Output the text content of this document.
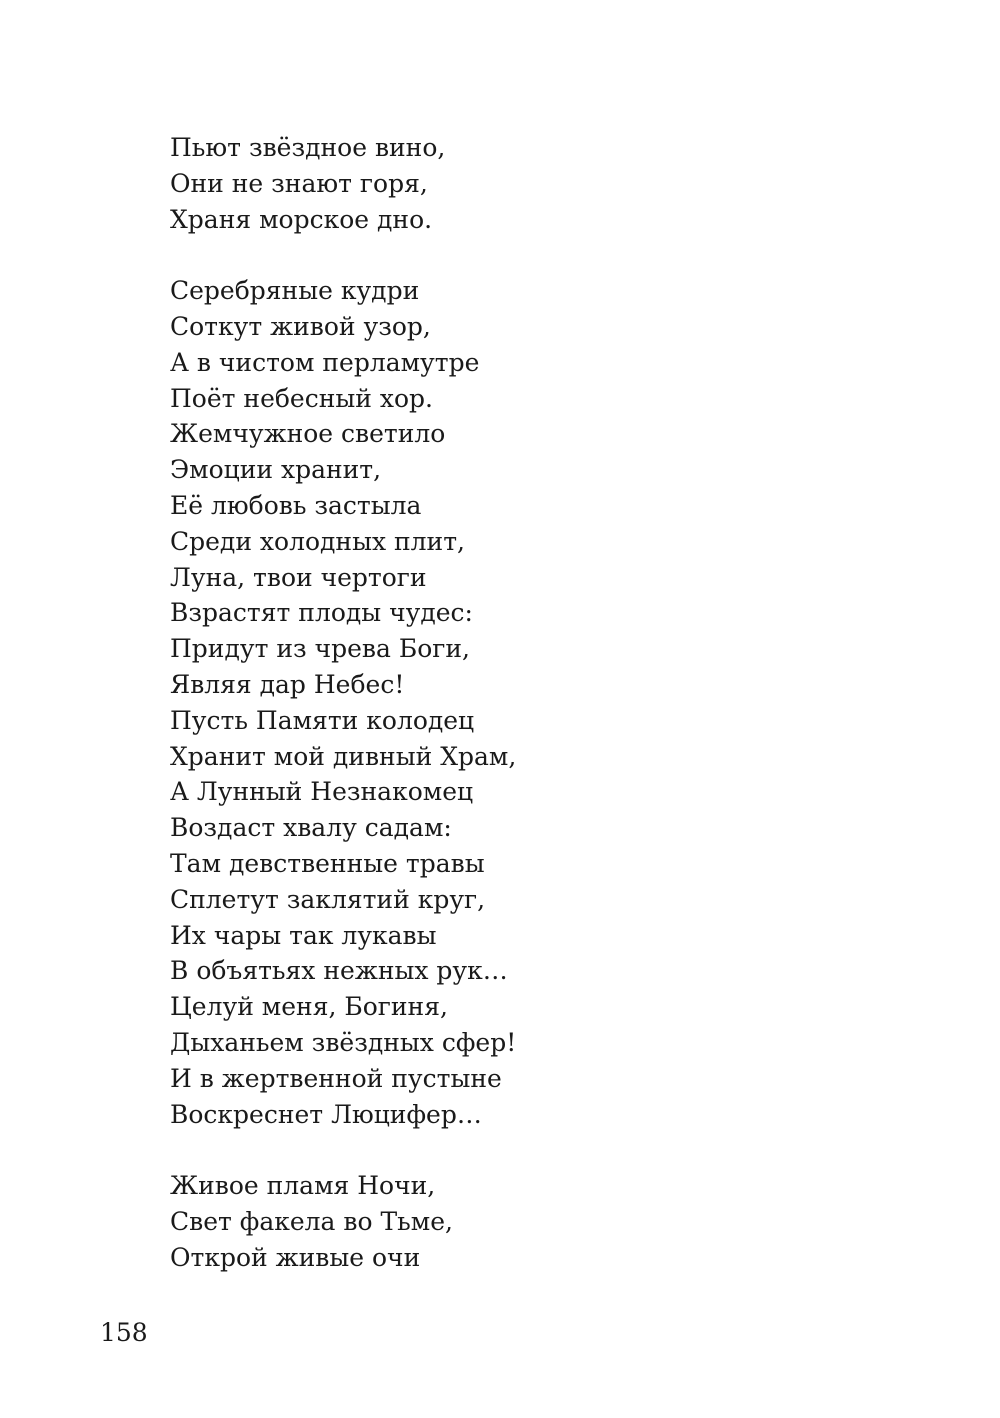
Пьют звёздное вино,
Они не знают горя,
Храня морское дно.
Серебряные кудри
Соткут живой узор,
А в чистом перламутре
Поёт небесный хор.
Жемчужное светило
Эмоции хранит,
Её любовь застыла
Среди холодных плит,
Луна, твои чертоги
Взрастят плоды чудес:
Придут из чрева Боги,
Являя дар Небес!
Пусть Памяти колодец
Хранит мой дивный Храм,
А Лунный Незнакомец
Воздаст хвалу садам:
Там девственные травы
Сплетут заклятий круг,
Их чары так лукавы
В объятьях нежных рук…
Целуй меня, Богиня,
Дыханьем звёздных сфер!
И в жертвенной пустыне
Воскреснет Люцифер…
Живое пламя Ночи,
Свет факела во Тьме,
Открой живые очи
158
